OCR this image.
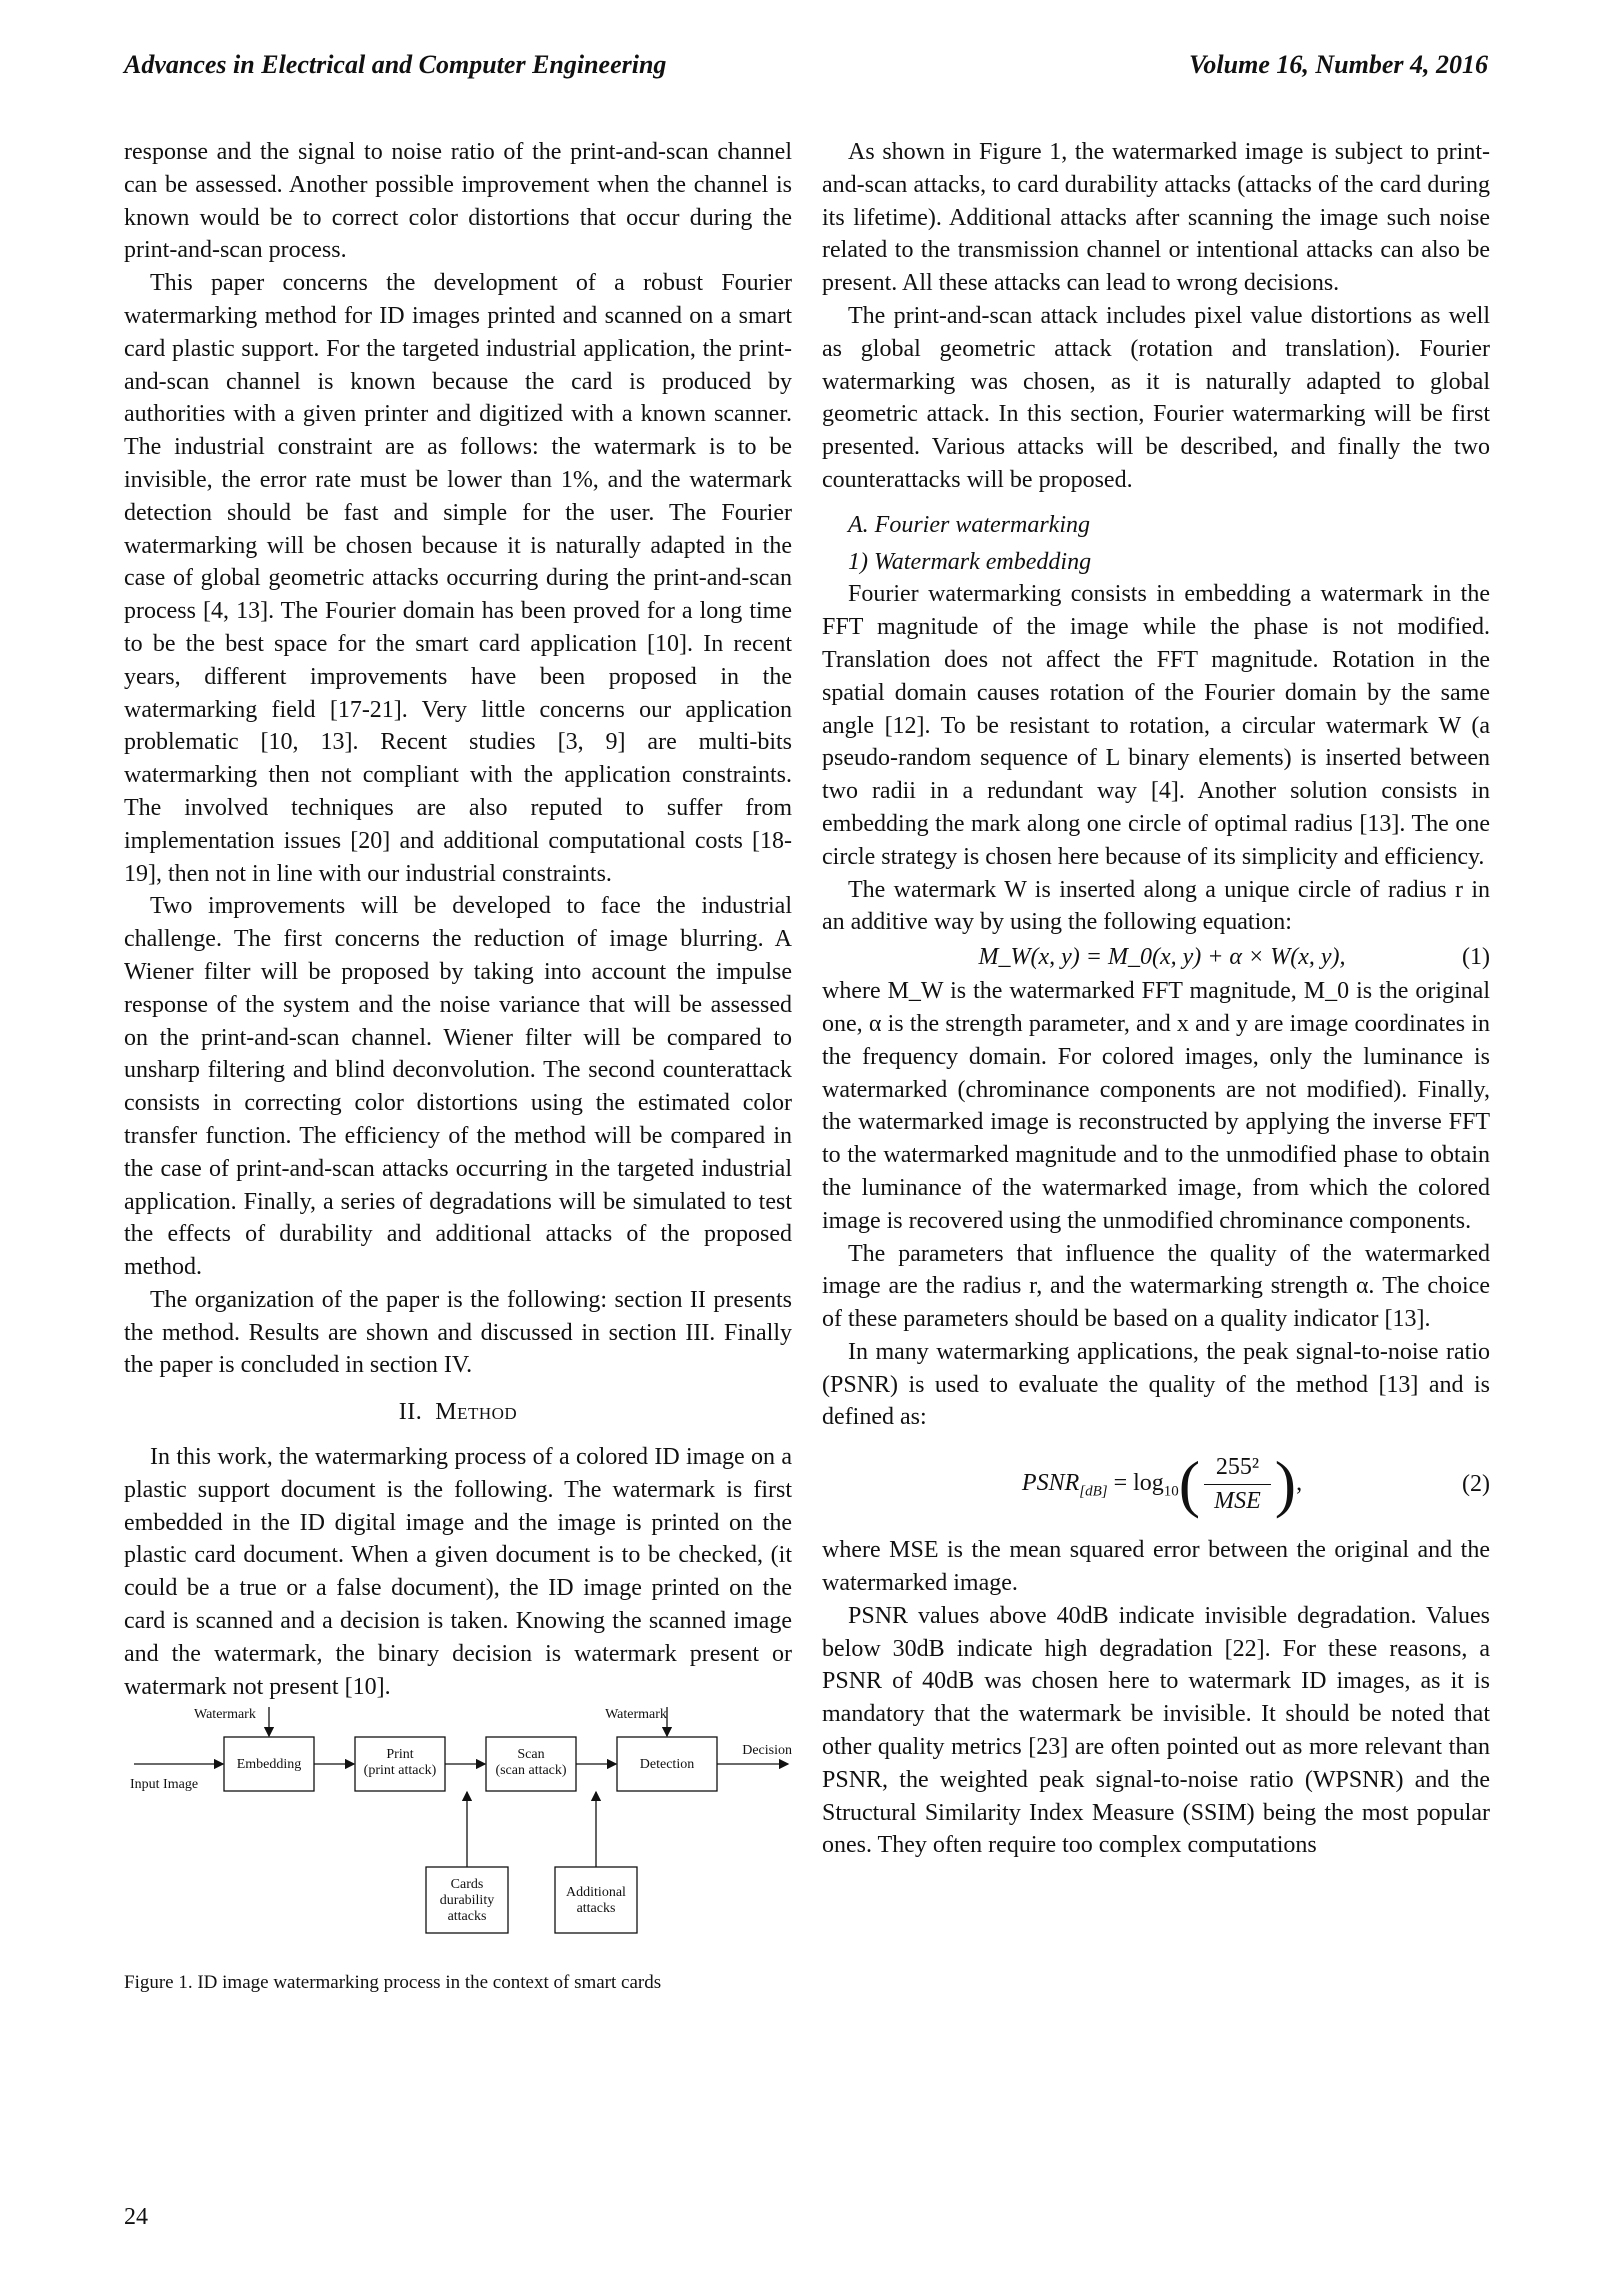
Advances in Electrical and Computer Engineering	Volume 16, Number 4, 2016

response and the signal to noise ratio of the print-and-scan channel can be assessed. Another possible improvement when the channel is known would be to correct color distortions that occur during the print-and-scan process.

This paper concerns the development of a robust Fourier watermarking method for ID images printed and scanned on a smart card plastic support. For the targeted industrial application, the print-and-scan channel is known because the card is produced by authorities with a given printer and digitized with a known scanner. The industrial constraint are as follows: the watermark is to be invisible, the error rate must be lower than 1%, and the watermark detection should be fast and simple for the user. The Fourier watermarking will be chosen because it is naturally adapted in the case of global geometric attacks occurring during the print-and-scan process [4, 13]. The Fourier domain has been proved for a long time to be the best space for the smart card application [10]. In recent years, different improvements have been proposed in the watermarking field [17-21]. Very little concerns our application problematic [10, 13]. Recent studies [3, 9] are multi-bits watermarking then not compliant with the application constraints. The involved techniques are also reputed to suffer from implementation issues [20] and additional computational costs [18-19], then not in line with our industrial constraints.

Two improvements will be developed to face the industrial challenge. The first concerns the reduction of image blurring. A Wiener filter will be proposed by taking into account the impulse response of the system and the noise variance that will be assessed on the print-and-scan channel. Wiener filter will be compared to unsharp filtering and blind deconvolution. The second counterattack consists in correcting color distortions using the estimated color transfer function. The efficiency of the method will be compared in the case of print-and-scan attacks occurring in the targeted industrial application. Finally, a series of degradations will be simulated to test the effects of durability and additional attacks of the proposed method.

The organization of the paper is the following: section II presents the method. Results are shown and discussed in section III. Finally the paper is concluded in section IV.

II. Method

In this work, the watermarking process of a colored ID image on a plastic support document is the following. The watermark is first embedded in the ID digital image and the image is printed on the plastic card document. When a given document is to be checked, (it could be a true or a false document), the ID image printed on the card is scanned and a decision is taken. Knowing the scanned image and the watermark, the binary decision is watermark present or watermark not present [10].

Watermark	Watermark
Input Image
Embedding
Print
(print attack)
Scan
(scan attack)	Detection
Decision
Cards
durability
attacks
Additional
attacks
Figure 1. ID image watermarking process in the context of smart cards

As shown in Figure 1, the watermarked image is subject to print-and-scan attacks, to card durability attacks (attacks of the card during its lifetime). Additional attacks after scanning the image such noise related to the transmission channel or intentional attacks can also be present. All these attacks can lead to wrong decisions.

The print-and-scan attack includes pixel value distortions as well as global geometric attack (rotation and translation). Fourier watermarking was chosen, as it is naturally adapted to global geometric attack. In this section, Fourier watermarking will be first presented. Various attacks will be described, and finally the two counterattacks will be proposed.

A. Fourier watermarking
1) Watermark embedding

Fourier watermarking consists in embedding a watermark in the FFT magnitude of the image while the phase is not modified. Translation does not affect the FFT magnitude. Rotation in the spatial domain causes rotation of the Fourier domain by the same angle [12]. To be resistant to rotation, a circular watermark W (a pseudo-random sequence of L binary elements) is inserted between two radii in a redundant way [4]. Another solution consists in embedding the mark along one circle of optimal radius [13]. The one circle strategy is chosen here because of its simplicity and efficiency.

The watermark W is inserted along a unique circle of radius r in an additive way by using the following equation:

M_W(x, y) = M_0(x, y) + α × W(x, y),	(1)

where M_W is the watermarked FFT magnitude, M_0 is the original one, α is the strength parameter, and x and y are image coordinates in the frequency domain. For colored images, only the luminance is watermarked (chrominance components are not modified). Finally, the watermarked image is reconstructed by applying the inverse FFT to the watermarked magnitude and to the unmodified phase to obtain the luminance of the watermarked image, from which the colored image is recovered using the unmodified chrominance components.

The parameters that influence the quality of the watermarked image are the radius r, and the watermarking strength α. The choice of these parameters should be based on a quality indicator [13].

In many watermarking applications, the peak signal-to-noise ratio (PSNR) is used to evaluate the quality of the method [13] and is defined as:

$PSNR_{[dB]} = \log_{10}( \frac{\text{255²}}{\text{MSE}}$ ),	(2)

where MSE is the mean squared error between the original and the watermarked image.

PSNR values above 40dB indicate invisible degradation. Values below 30dB indicate high degradation [22]. For these reasons, a PSNR of 40dB was chosen here to watermark ID images, as it is mandatory that the watermark be invisible. It should be noted that other quality metrics [23] are often pointed out as more relevant than PSNR, the weighted peak signal-to-noise ratio (WPSNR) and the Structural Similarity Index Measure (SSIM) being the most popular ones. They often require too complex computations

24
